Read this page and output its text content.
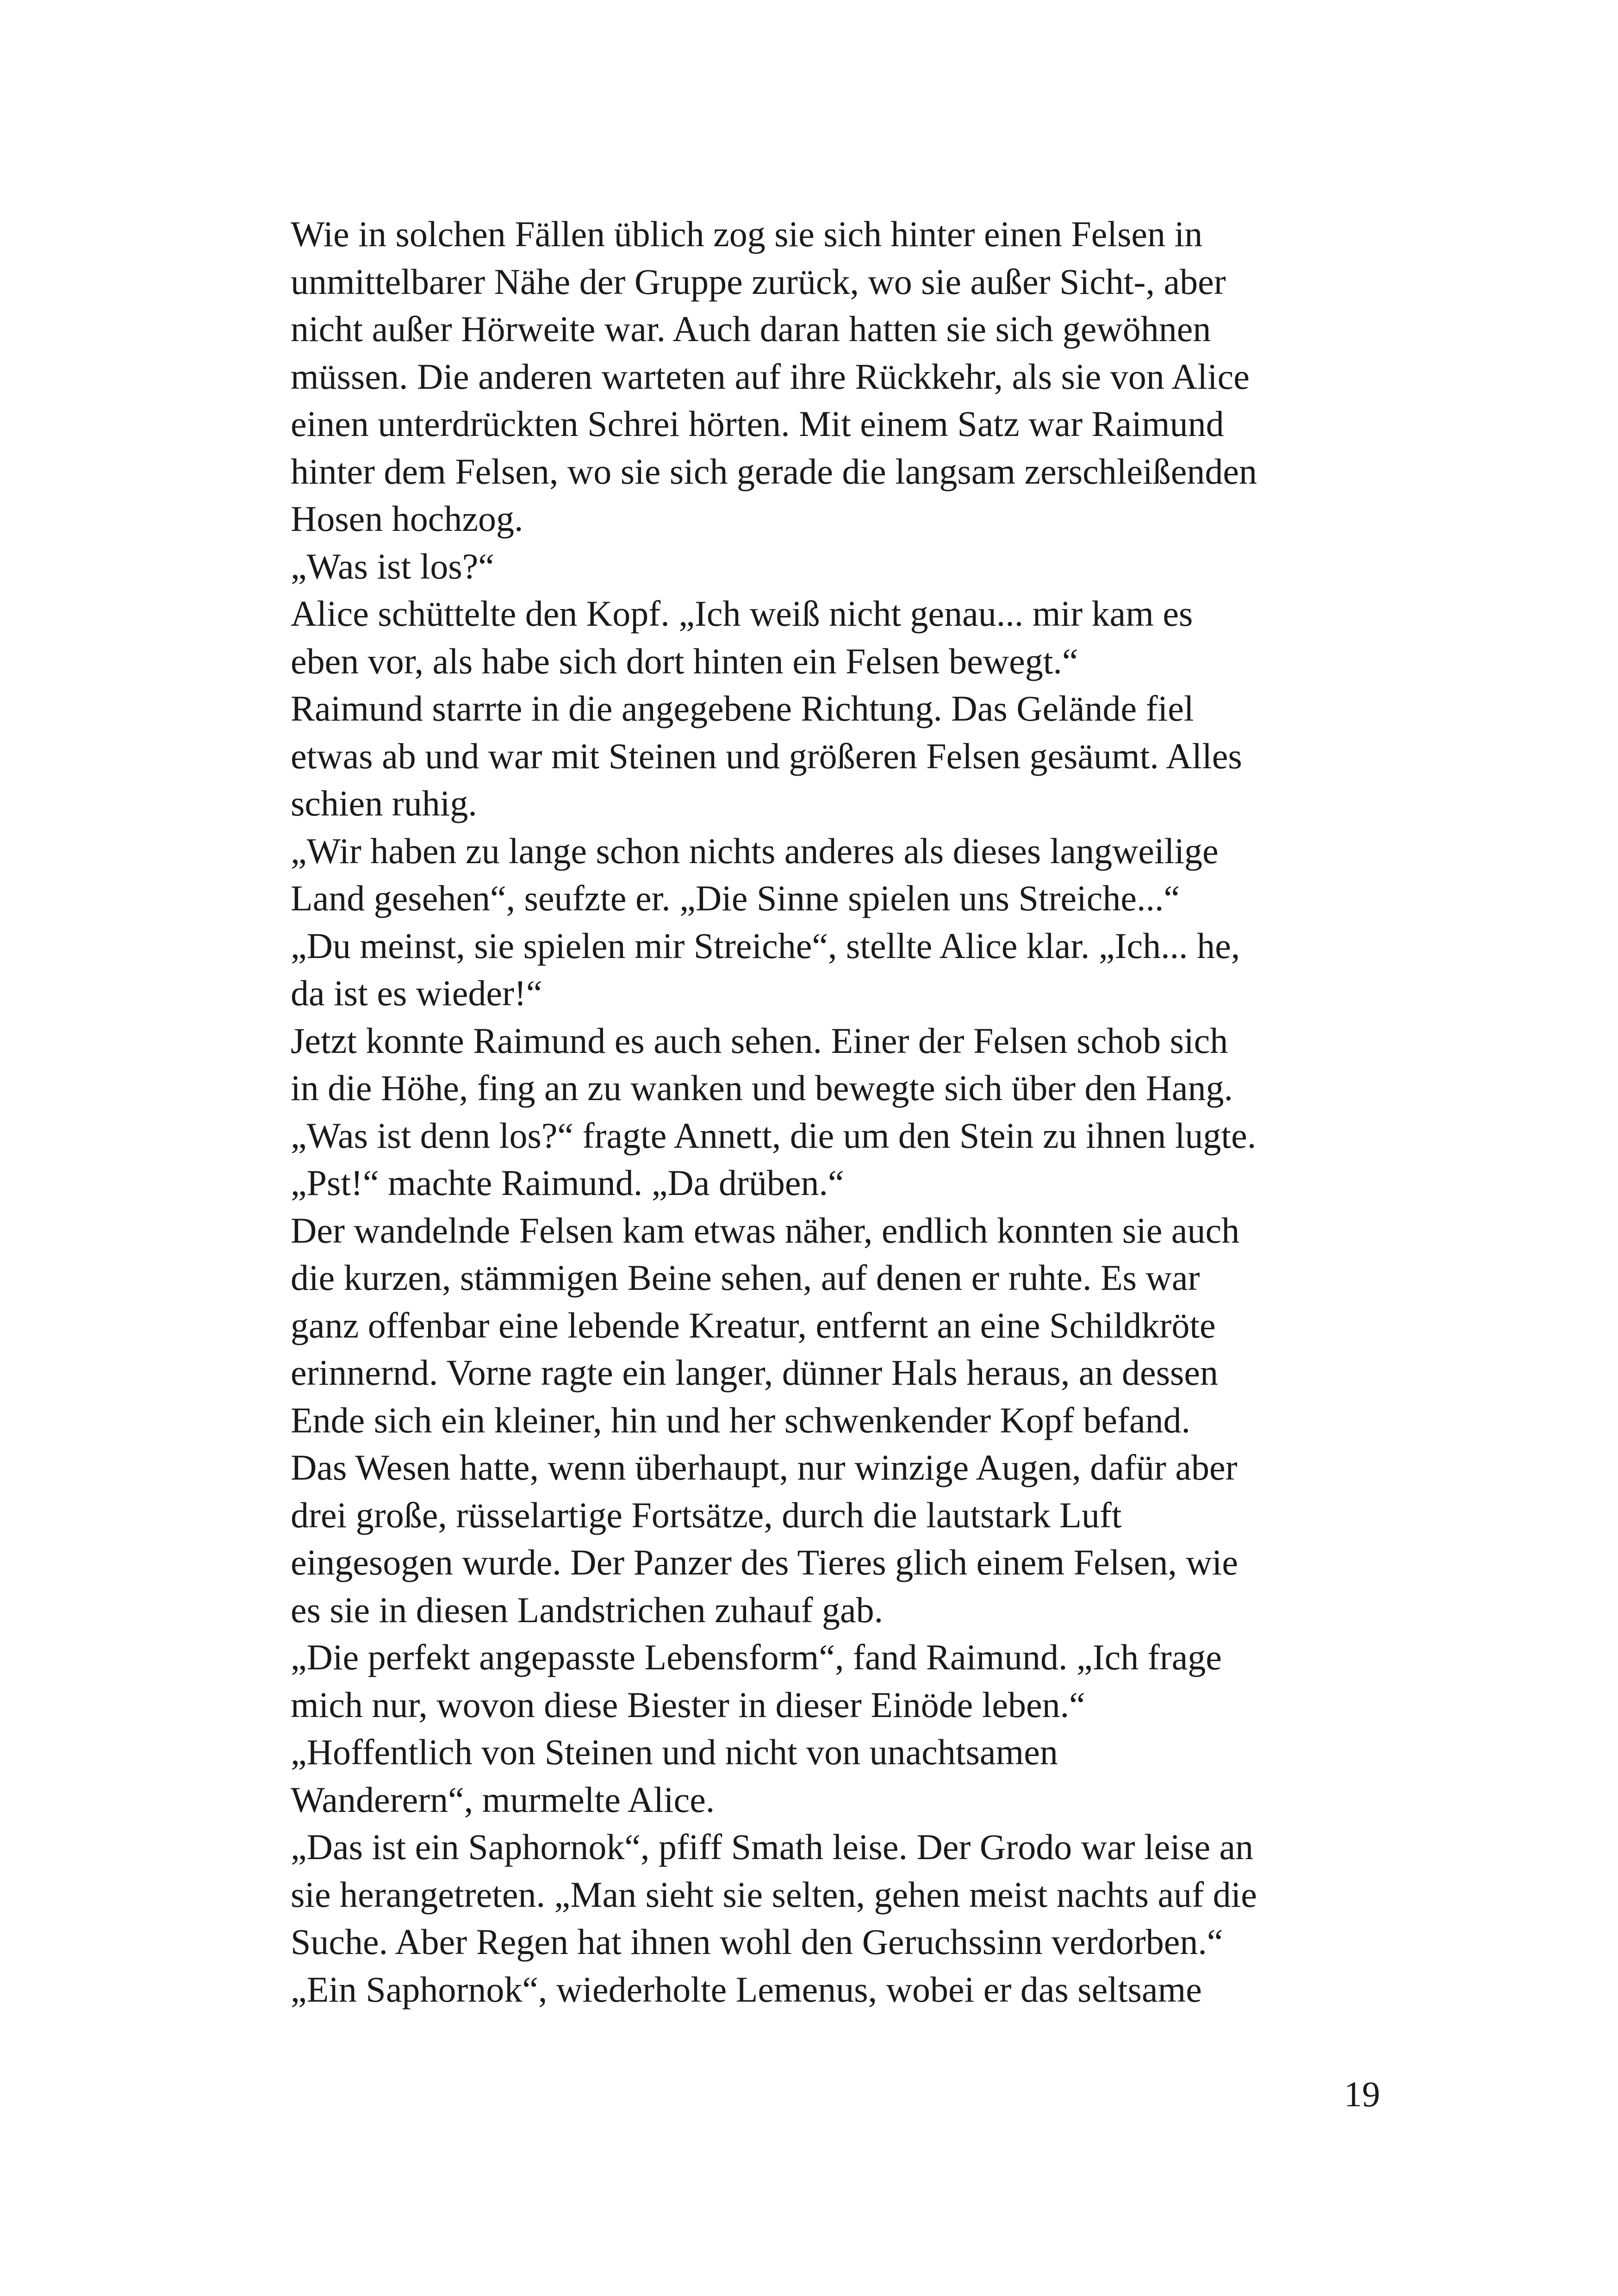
Wie in solchen Fällen üblich zog sie sich hinter einen Felsen in
unmittelbarer Nähe der Gruppe zurück, wo sie außer Sicht-, aber
nicht außer Hörweite war. Auch daran hatten sie sich gewöhnen
müssen. Die anderen warteten auf ihre Rückkehr, als sie von Alice
einen unterdrückten Schrei hörten. Mit einem Satz war Raimund
hinter dem Felsen, wo sie sich gerade die langsam zerschleißenden
Hosen hochzog.
„Was ist los?“
Alice schüttelte den Kopf. „Ich weiß nicht genau... mir kam es
eben vor, als habe sich dort hinten ein Felsen bewegt.“
Raimund starrte in die angegebene Richtung. Das Gelände fiel
etwas ab und war mit Steinen und größeren Felsen gesäumt. Alles
schien ruhig.
„Wir haben zu lange schon nichts anderes als dieses langweilige
Land gesehen“, seufzte er. „Die Sinne spielen uns Streiche...“
„Du meinst, sie spielen mir Streiche“, stellte Alice klar. „Ich... he,
da ist es wieder!“
Jetzt konnte Raimund es auch sehen. Einer der Felsen schob sich
in die Höhe, fing an zu wanken und bewegte sich über den Hang.
„Was ist denn los?“ fragte Annett, die um den Stein zu ihnen lugte.
„Pst!“ machte Raimund. „Da drüben.“
Der wandelnde Felsen kam etwas näher, endlich konnten sie auch
die kurzen, stämmigen Beine sehen, auf denen er ruhte. Es war
ganz offenbar eine lebende Kreatur, entfernt an eine Schildkröte
erinnernd. Vorne ragte ein langer, dünner Hals heraus, an dessen
Ende sich ein kleiner, hin und her schwenkender Kopf befand.
Das Wesen hatte, wenn überhaupt, nur winzige Augen, dafür aber
drei große, rüsselartige Fortsätze, durch die lautstark Luft
eingesogen wurde. Der Panzer des Tieres glich einem Felsen, wie
es sie in diesen Landstrichen zuhauf gab.
„Die perfekt angepasste Lebensform“, fand Raimund. „Ich frage
mich nur, wovon diese Biester in dieser Einöde leben.“
„Hoffentlich von Steinen und nicht von unachtsamen
Wanderern“, murmelte Alice.
„Das ist ein Saphornok“, pfiff Smath leise. Der Grodo war leise an
sie herangetreten. „Man sieht sie selten, gehen meist nachts auf die
Suche. Aber Regen hat ihnen wohl den Geruchssinn verdorben.“
„Ein Saphornok“, wiederholte Lemenus, wobei er das seltsame
19
